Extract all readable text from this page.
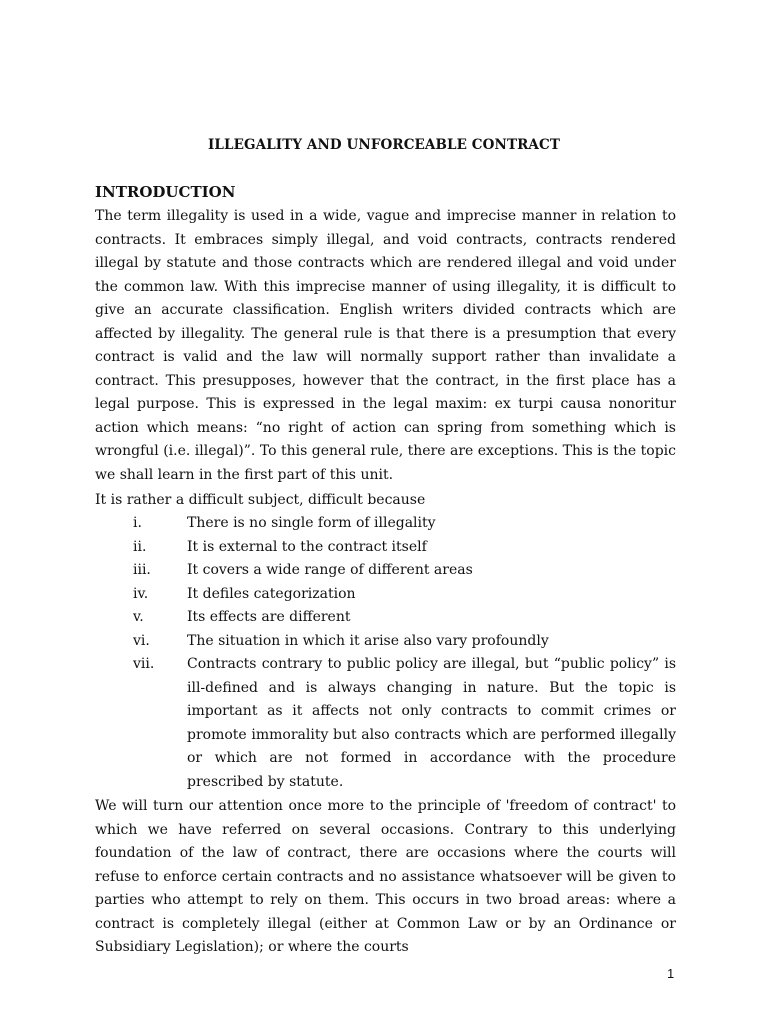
ILLEGALITY AND UNFORCEABLE CONTRACT
INTRODUCTION
The term illegality is used in a wide, vague and imprecise manner in relation to contracts. It embraces simply illegal, and void contracts, contracts rendered illegal by statute and those contracts which are rendered illegal and void under the common law. With this imprecise manner of using illegality, it is difficult to give an accurate classification. English writers divided contracts which are affected by illegality. The general rule is that there is a presumption that every contract is valid and the law will normally support rather than invalidate a contract. This presupposes, however that the contract, in the first place has a legal purpose. This is expressed in the legal maxim: ex turpi causa nonoritur action which means: “no right of action can spring from something which is wrongful (i.e. illegal)”. To this general rule, there are exceptions. This is the topic we shall learn in the first part of this unit.
It is rather a difficult subject, difficult because
i.	There is no single form of illegality
ii.	It is external to the contract itself
iii.	It covers a wide range of different areas
iv.	It defiles categorization
v.	Its effects are different
vi.	The situation in which it arise also vary profoundly
vii.	Contracts contrary to public policy are illegal, but “public policy” is ill-defined and is always changing in nature. But the topic is important as it affects not only contracts to commit crimes or promote immorality but also contracts which are performed illegally or which are not formed in accordance with the procedure prescribed by statute.
We will turn our attention once more to the principle of 'freedom of contract' to which we have referred on several occasions. Contrary to this underlying foundation of the law of contract, there are occasions where the courts will refuse to enforce certain contracts and no assistance whatsoever will be given to parties who attempt to rely on them. This occurs in two broad areas: where a contract is completely illegal (either at Common Law or by an Ordinance or Subsidiary Legislation); or where the courts
1
